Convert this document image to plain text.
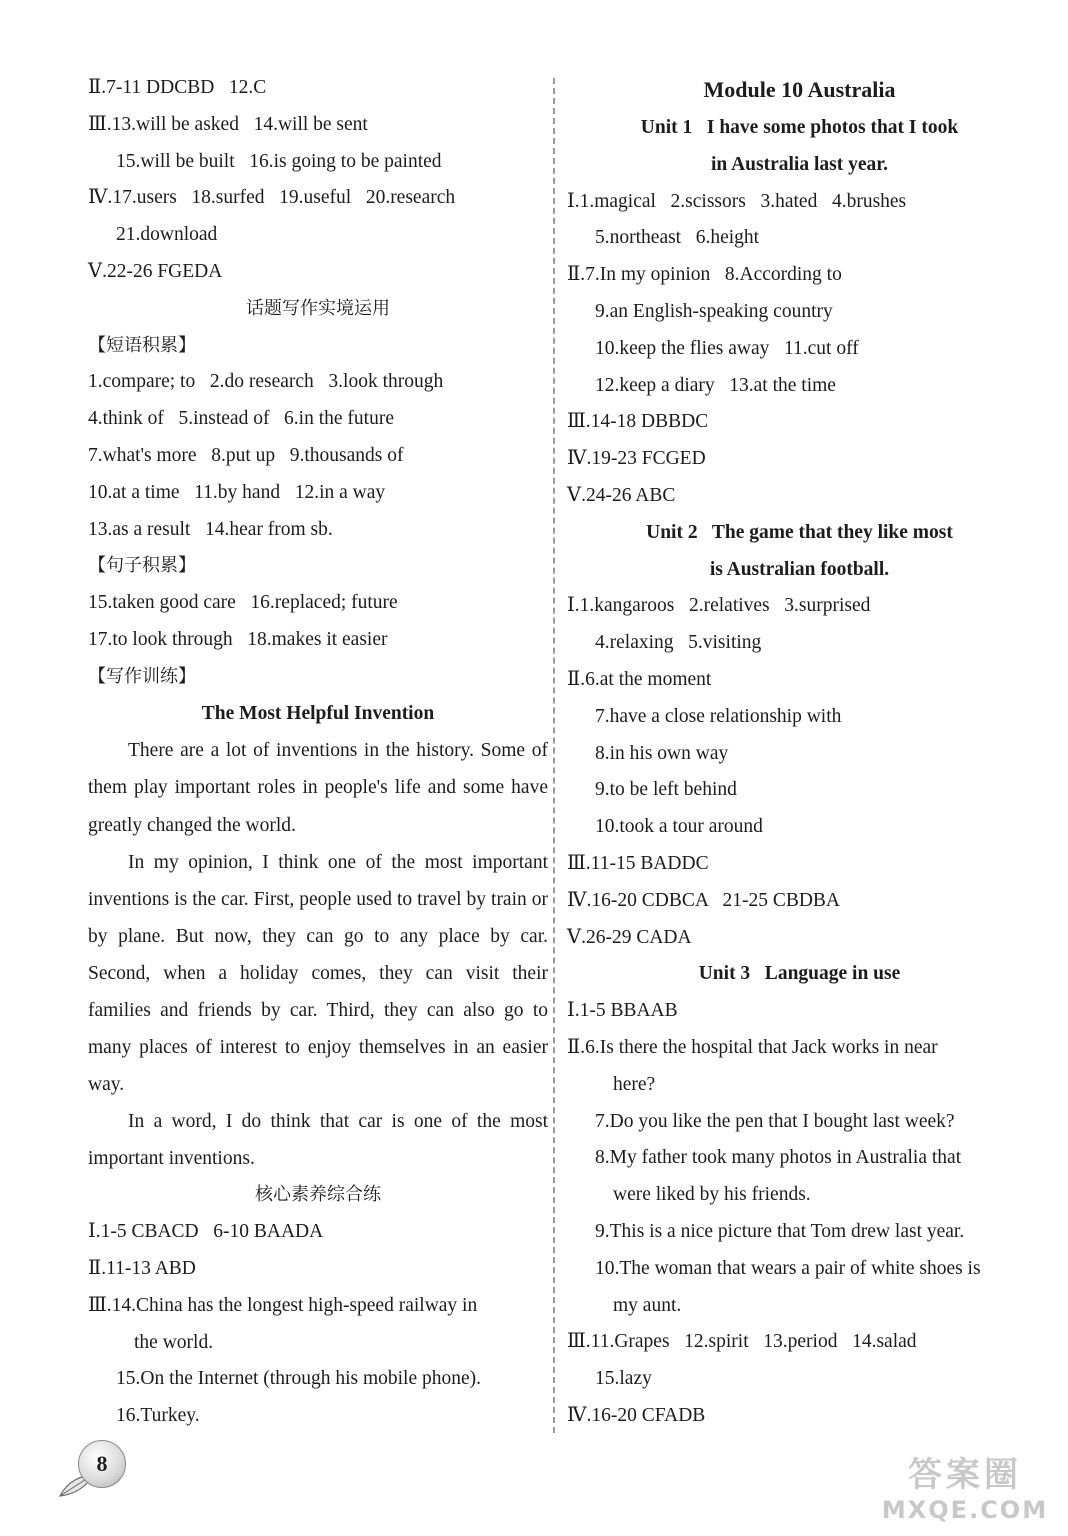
Ⅱ.7-11 DDCBD   12.C
Ⅲ.13.will be asked   14.will be sent
15.will be built   16.is going to be painted
Ⅳ.17.users   18.surfed   19.useful   20.research
21.download
Ⅴ.22-26 FGEDA
话题写作实境运用
【短语积累】
1.compare; to   2.do research   3.look through
4.think of   5.instead of   6.in the future
7.what's more   8.put up   9.thousands of
10.at a time   11.by hand   12.in a way
13.as a result   14.hear from sb.
【句子积累】
15.taken good care   16.replaced; future
17.to look through   18.makes it easier
【写作训练】
The Most Helpful Invention
There are a lot of inventions in the history. Some of them play important roles in people's life and some have greatly changed the world.
In my opinion, I think one of the most important inventions is the car. First, people used to travel by train or by plane. But now, they can go to any place by car. Second, when a holiday comes, they can visit their families and friends by car. Third, they can also go to many places of interest to enjoy themselves in an easier way.
In a word, I do think that car is one of the most important inventions.
核心素养综合练
Ⅰ.1-5 CBACD   6-10 BAADA
Ⅱ.11-13 ABD
Ⅲ.14.China has the longest high-speed railway in
the world.
15.On the Internet (through his mobile phone).
16.Turkey.
Module 10 Australia
Unit 1   I have some photos that I took
in Australia last year.
Ⅰ.1.magical   2.scissors   3.hated   4.brushes
5.northeast   6.height
Ⅱ.7.In my opinion   8.According to
9.an English-speaking country
10.keep the flies away   11.cut off
12.keep a diary   13.at the time
Ⅲ.14-18 DBBDC
Ⅳ.19-23 FCGED
Ⅴ.24-26 ABC
Unit 2   The game that they like most
is Australian football.
Ⅰ.1.kangaroos   2.relatives   3.surprised
4.relaxing   5.visiting
Ⅱ.6.at the moment
7.have a close relationship with
8.in his own way
9.to be left behind
10.took a tour around
Ⅲ.11-15 BADDC
Ⅳ.16-20 CDBCA   21-25 CBDBA
Ⅴ.26-29 CADA
Unit 3   Language in use
Ⅰ.1-5 BBAAB
Ⅱ.6.Is there the hospital that Jack works in near
here?
7.Do you like the pen that I bought last week?
8.My father took many photos in Australia that
were liked by his friends.
9.This is a nice picture that Tom drew last year.
10.The woman that wears a pair of white shoes is
my aunt.
Ⅲ.11.Grapes   12.spirit   13.period   14.salad
15.lazy
Ⅳ.16-20 CFADB
8	答案圈
MXQE.COM
